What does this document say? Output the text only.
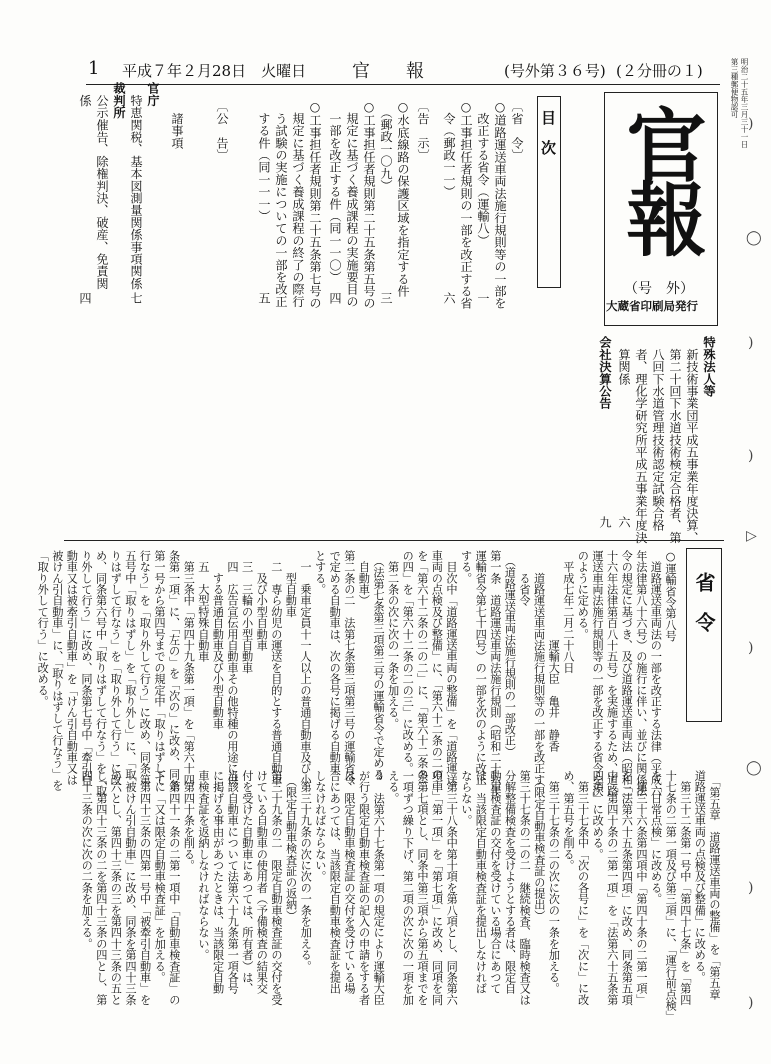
1 平成７年２月28日　火曜日	官　　報	(号外第３６号) (２分冊の１)	明治二十五年三月三十一日
第三種郵便物認可
官報
（号　外）
大蔵省印刷局発行
目　次
〔省　令〕
○道路運送車両法施行規則等の一部を
　改正する省令（運輸八）
一
○工事担任者規則の一部を改正する省
　令（郵政一一）
六
〔告　示〕
○水底線路の保護区域を指定する件
　（郵政一〇九）
三
○工事担任者規則第二十五条第五号の
　規定に基づく養成課程の実施要目の
　一部を改正する件（同一一〇）
四
○工事担任者規則第二十五条第七号の
　規定に基づく養成課程の終了の際行
　う試験の実施についての一部を改正
　する件（同一一一）
五
〔公　告〕
　諸事項
官庁
　特恵関税、基本図測量関係事項関係
七
裁判所
　公示催告、除権判決、破産、免責関
　係
四
特殊法人等
　新技術事業団平成五事業年度決算、
　第二十回下水道技術検定合格者、第
　八回下水道管理技術認定試験合格
　者、理化学研究所平成五事業年度決
　算関係
六
会社決算公告
九
省　令
○運輸省令第八号
　道路運送車両法の一部を改正する法律（平成六
年法律第八十六号）の施行に伴い、並びに関係法
令の規定に基づき、及び道路運送車両法（昭和二
十六年法律第百八十五号）を実施するため、道路
運送車両法施行規則等の一部を改正する省令を次
のように定める。
　平成七年二月二十八日
　　　　　　　　運輸大臣　亀井　静香
　　道路運送車両法施行規則等の一部を改正す
　　る省令
　（道路運送車両法施行規則の一部改正）
第一条　道路運送車両法施行規則（昭和二十六年
運輸省令第七十四号）の一部を次のように改正
する。
　目次中「道路運送車両の整備」を「道路運送
車両の点検及び整備」に、「第六十二条の二の三」
を「第六十二条の二の二」に、「第六十二条の二
の四」を「第六十二条の二の三」に改める。
　第二条の次に次の一条を加える。
　（法第七条第三項第三号の運輸省令で定める
　自動車）
第二条の二　法第七条第三項第三号の運輸省令
で定める自動車は、次の各号に掲げる自動車
とする。
　一　乗車定員十一人以上の普通自動車及び小
　　型自動車
　二　専ら幼児の運送を目的とする普通自動車
　　及び小型自動車
　三　三輪の小型自動車
　四　広告宣伝用自動車その他特種の用途に供
　　する普通自動車及び小型自動車
　五　大型特殊自動車
　第三条中「第四十九条第一項」を「第六十四
条第一項」に、「左の」を「次の」に改め、同条
第一号から第四号までの規定中「取りはずして
行なう」を「取り外して行う」に改め、同条第
五号中「取りはずし」を「取り外し」に、「取
りはずして行なう」を「取り外して行う」に改
め、同条第六号中「取りはずして行なう」を「取
り外して行う」に改め、同条第七号中「牽引自
動車又は被牽引自動車」を「けん引自動車又は
被けん引自動車」に、「取りはずして行なう」を
「取り外して行う」に改める。
　「第五章　道路運送車両の整備」を「第五章
道路運送車両の点検及び整備」に改める。
　第三十二条第一号中「第四十七条」を「第四
十七条の二第一項及び第三項」に、「運行前点検」
を「日常点検」に改める。
　第三十六条第四項中「第四十条の二第一項」
を「法第六十五条第四項」に改め、同条第五項
中「第四十条の二第一項」を「法第六十五条第
四項」に改める。
　第三十七条中「次の各号に」を「次に」に改
め、第五号を削る。
　第三十七条の二の次に次の一条を加える。
　（限定自動車検査証の提出）
第三十七条の二の二　継続検査、臨時検査又は
分解整備検査を受けようとする者は、限定自
動車検査証の交付を受けている場合にあつて
は、当該限定自動車検査証を提出しなければ
ならない。
　第三十八条中第十項を第八項とし、同条第六
項中「第一項」を「第七項」に改め、同項を同
条第七項とし、同条中第三項から第五項までを
一項ずつ繰り下げ、第二項の次に次の一項を加
える。
３　法第六十七条第一項の規定により運輸大臣
が行う限定自動車検査証の記入の申請をする者
は、限定自動車検査証の交付を受けている場
合にあつては、当該限定自動車検査証を提出
しなければならない。
　第三十九条の次に次の一条を加える。
　（限定自動車検査証の返納）
第三十九条の二　限定自動車検査証の交付を受
けている自動車の使用者（予備検査の結果交
付を受けた自動車にあつては、所有者）は、
当該自動車について法第六十九条第一項各号
に掲げる事由があつたときは、当該限定自動
車検査証を返納しなければならない。
　第四十条を削る。
　第四十一条の二第一項中「自動車検査証」の
下に「又は限定自動車検査証」を加える。
　第四十三条の四第一号中「被牽引自動車」を
「被けん引自動車」に改め、同条を第四十三条
の六とし、第四十三条の三を第四十三条の五と
し、第四十三条の二を第四十三条の四とし、第
四十三条の次に次の二条を加える。
)
◯
)
)
▷
)
◯
)
)
